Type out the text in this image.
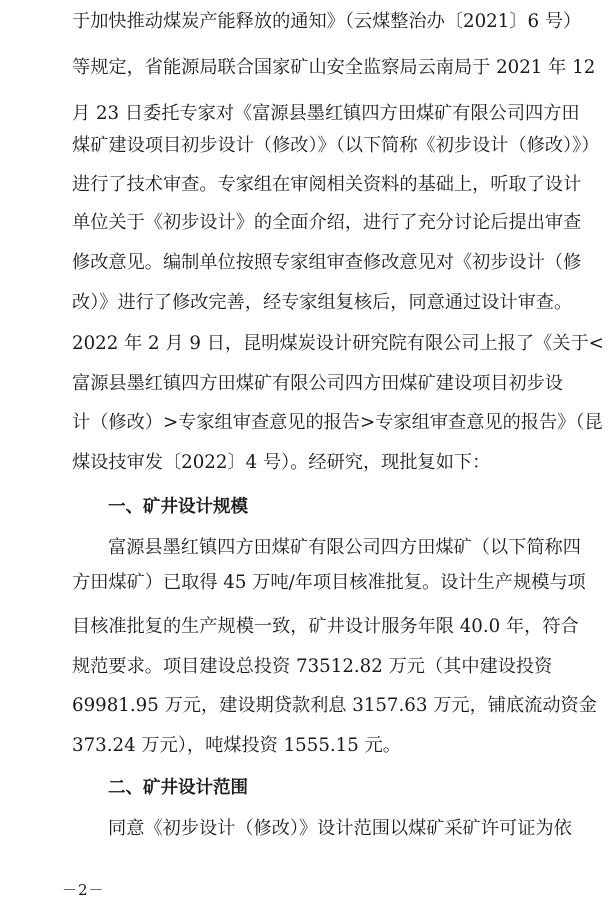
于加快推动煤炭产能释放的通知》（云煤整治办〔2021〕6 号）
等规定，省能源局联合国家矿山安全监察局云南局于 2021 年 12
月 23 日委托专家对《富源县墨红镇四方田煤矿有限公司四方田
煤矿建设项目初步设计（修改）》（以下简称《初步设计（修改）》）
进行了技术审查。专家组在审阅相关资料的基础上，听取了设计
单位关于《初步设计》的全面介绍，进行了充分讨论后提出审查
修改意见。编制单位按照专家组审查修改意见对《初步设计（修
改）》进行了修改完善，经专家组复核后，同意通过设计审查。
2022 年 2 月 9 日，昆明煤炭设计研究院有限公司上报了《关于<
富源县墨红镇四方田煤矿有限公司四方田煤矿建设项目初步设
计（修改）>专家组审查意见的报告>专家组审查意见的报告》（昆
煤设技审发〔2022〕4 号）。经研究，现批复如下：
一、矿井设计规模
富源县墨红镇四方田煤矿有限公司四方田煤矿（以下简称四
方田煤矿）已取得 45 万吨/年项目核准批复。设计生产规模与项
目核准批复的生产规模一致，矿井设计服务年限 40.0 年，符合
规范要求。项目建设总投资 73512.82 万元（其中建设投资
69981.95 万元，建设期贷款利息 3157.63 万元，铺底流动资金
373.24 万元），吨煤投资 1555.15 元。
二、矿井设计范围
同意《初步设计（修改）》设计范围以煤矿采矿许可证为依
－2－
